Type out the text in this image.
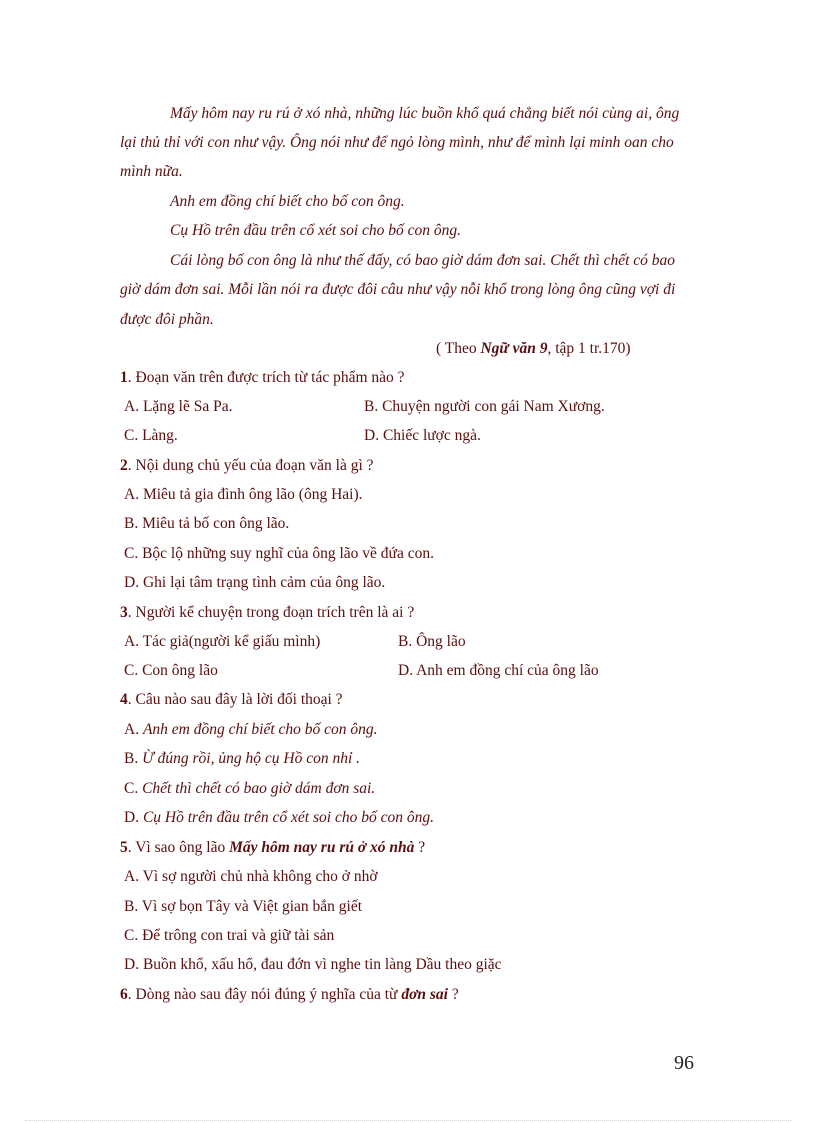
Mấy hôm nay ru rú ở xó nhà, những lúc buồn khổ quá chẳng biết nói cùng ai, ông
lại thủ thỉ với con như vậy. Ông nói như để ngỏ lòng mình, như để mình lại minh oan cho
mình nữa.
Anh em đồng chí biết cho bố con ông.
Cụ Hồ trên đầu trên cổ xét soi cho bố con ông.
Cái lòng bố con ông là như thế đấy, có bao giờ dám đơn sai. Chết thì chết có bao
giờ dám đơn sai. Mỗi lần nói ra được đôi câu như vậy nỗi khổ trong lòng ông cũng vợi đi
được đôi phần.
( Theo Ngữ văn 9, tập 1 tr.170)
1. Đoạn văn trên được trích từ tác phẩm nào ?
A. Lặng lẽ Sa Pa.	B. Chuyện người con gái Nam Xương.
C. Làng.	D. Chiếc lược ngà.
2. Nội dung chủ yếu của đoạn văn là gì ?
A. Miêu tả gia đình ông lão (ông Hai).
B. Miêu tả bố con ông lão.
C. Bộc lộ những suy nghĩ của ông lão về đứa con.
D. Ghi lại tâm trạng tình cảm của ông lão.
3. Người kể chuyện trong đoạn trích trên là ai ?
A. Tác giả(người kể giấu mình)	B. Ông lão
C. Con ông lão	D. Anh em đồng chí của ông lão
4. Câu nào sau đây là lời đối thoại ?
A. Anh em đồng chí biết cho bố con ông.
B. Ừ đúng rồi, ủng hộ cụ Hồ con nhỉ .
C. Chết thì chết có bao giờ dám đơn sai.
D. Cụ Hồ trên đầu trên cổ xét soi cho bố con ông.
5. Vì sao ông lão Mấy hôm nay ru rú ở xó nhà ?
A. Vì sợ người chủ nhà không cho ở nhờ
B. Vì sợ bọn Tây và Việt gian bắn giết
C. Để trông con trai và giữ tài sản
D. Buồn khổ, xấu hổ, đau đớn vì nghe tin làng Dầu theo giặc
6. Dòng nào sau đây nói đúng ý nghĩa của từ đơn sai ?
96
